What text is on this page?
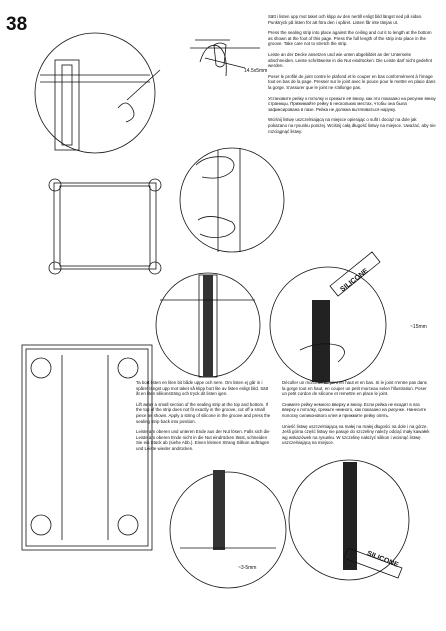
38
14.5x5mm
~15mm
~3-5mm
SILICONE
SILICONE

Sätt i listen upp mot taket och klipp av den nertill enligt bild längst ned på sidan. Punktryck på listen för att föra den i spåret. Listen får inte tänjas ut.

Press the sealing strip into place against the ceiling and cut it to length at the bottom as shown at the foot of this page. Press the full length of the strip into place in the groove. Take care not to stretch the strip.

Leiste an der Decke ansetzen und wie unten abgebildet an der Unterseite abschneiden. Leiste schrittweise in die Nut eindrücken. Die Leiste darf nicht gedehnt werden.

Poser le profilé de joint contre le plafond et le couper en bas conformément à l'image tout en bas de la page. Presser sur le joint avec le pouce pour le mettre en place dans la gorge. S'assurer que le joint ne s'allonge pas.

Установите рейку к потолку и срежьте её внизу, как это показано на рисунке внизу страницы. Прижимайте рейку в нескольких местах, чтобы она была зафиксирована в пазе. Рейка не должна вытягиваться наружу.

Wciśnij listwę uszczelniającą na miejsce opierając o sufit i dociąż na dole jak pokazano na rysunku poniżej. Wciśnij całą długość listwy na miejsce. Uważać, aby nie rozciągnąć listwy.

Ta bort listen en liten bit både uppe och nere. Om listen ej går in i spåret längst upp mot taket så klipp bort lite av listen enligt bild. Sätt åt en liten silikonsträng och tryck dit listen igen.

Lift away a small section of the sealing strip at the top and bottom. If the top of the strip does not fit exactly in the groove, cut off a small piece as shown. Apply a string of silicone in the groove and press the sealing strip back into position.

Leiste am oberen und unteren Ende aus der Nut lösen. Falls sich die Leiste am oberen Ende nicht in die Nut eindrücken lässt, schneiden Sie ein Stück ab (siehe Abb.). Einen kleinen Strang Silikon auftragen und Leiste wieder andrücken.

Décoller un morceau de joint en haut et en bas. Si le joint n'entre pas dans la gorge tout en haut, en couper un petit morceau selon l'illustration. Poser un petit cordon de silicone et remettre en place le joint.

Снимите рейку немного вверху и внизу. Если рейка не входит в паз вверху к потолку, срежьте немного, как показано на рисунке. Нанесите полоску силиконового клея и прижмите рейку опять.

Unieść listwę uszczelniającą na małej na małej długości na dole i na górze. Jeśli górna część listwy nie pasuje do szczeliny należy odciąć mały kawałek wg wskazówek na rysunku. W szczelinę nałożyć silikon i wcisnąć listwę uszczelniającą na miejsce.
